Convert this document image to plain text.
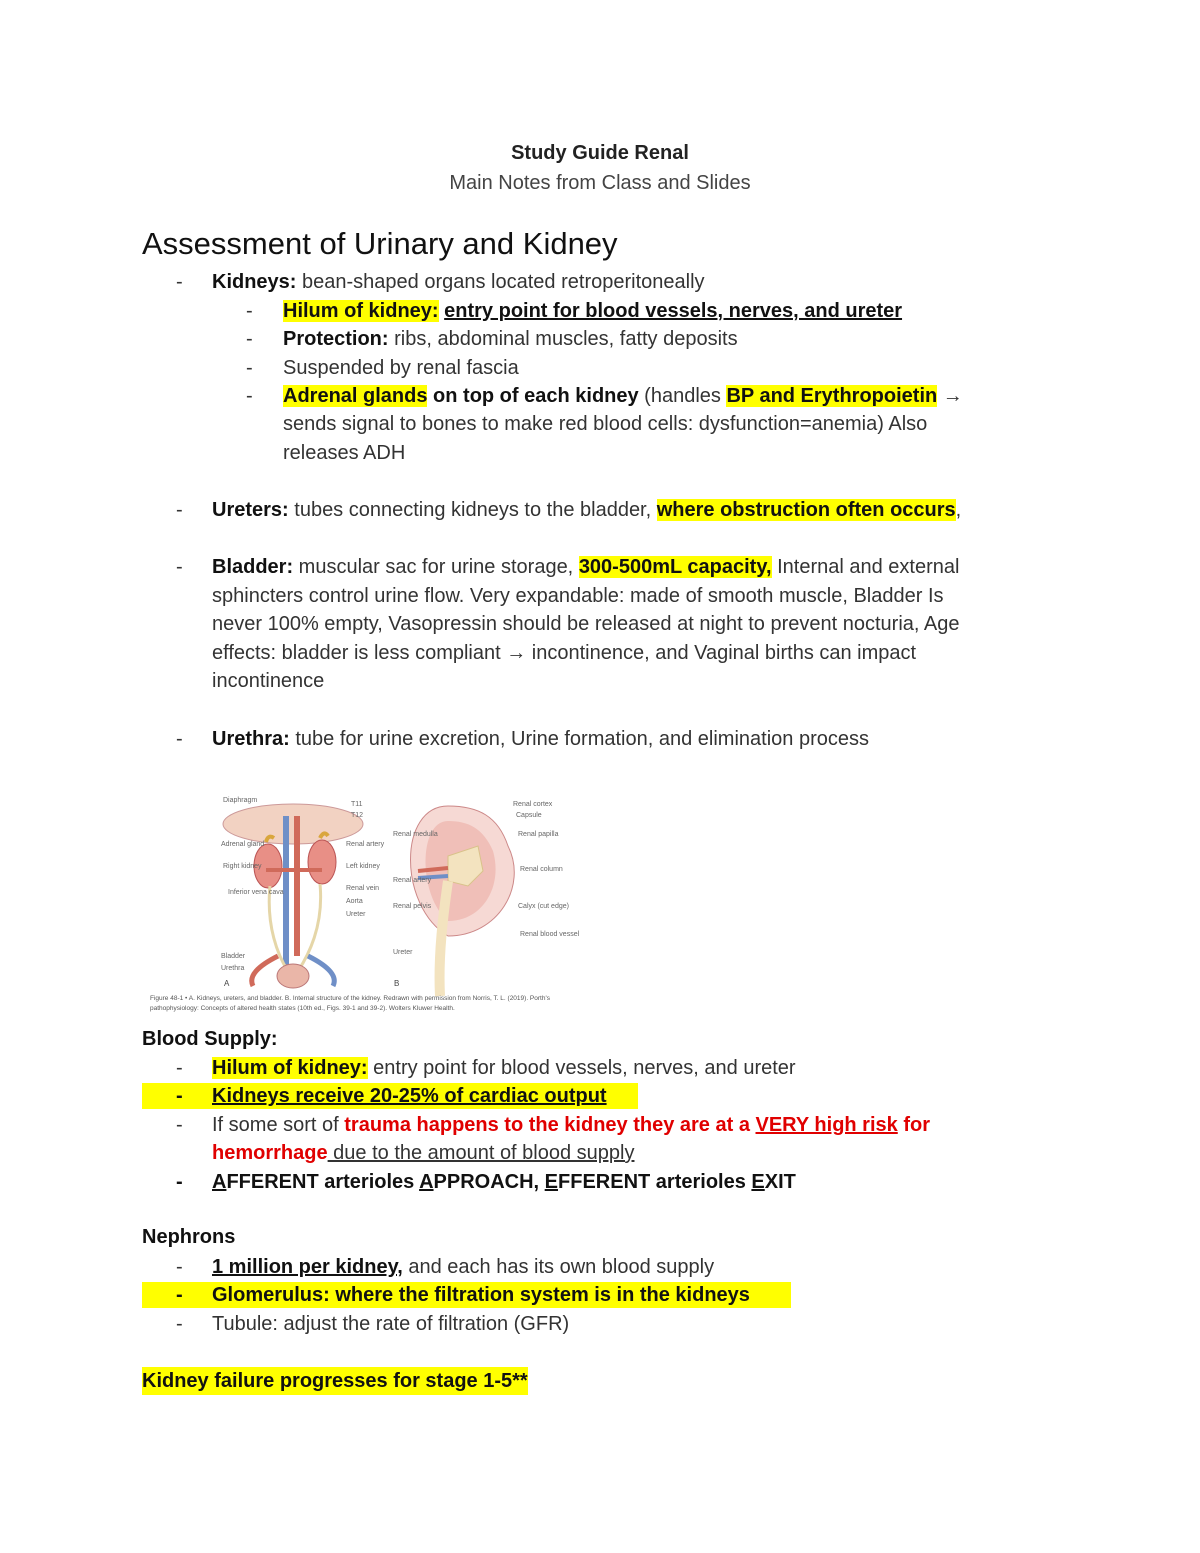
Study Guide Renal
Main Notes from Class and Slides
Assessment of Urinary and Kidney
- Kidneys: bean-shaped organs located retroperitoneally
- Hilum of kidney: entry point for blood vessels, nerves, and ureter
- Protection: ribs, abdominal muscles, fatty deposits
- Suspended by renal fascia
- Adrenal glands on top of each kidney (handles BP and Erythropoietin →
sends signal to bones to make red blood cells: dysfunction=anemia) Also
releases ADH
- Ureters: tubes connecting kidneys to the bladder, where obstruction often occurs,
- Bladder: muscular sac for urine storage, 300-500mL capacity, Internal and external
sphincters control urine flow. Very expandable: made of smooth muscle, Bladder Is
never 100% empty, Vasopressin should be released at night to prevent nocturia, Age
effects: bladder is less compliant → incontinence, and Vaginal births can impact
incontinence
- Urethra: tube for urine excretion, Urine formation, and elimination process
Diaphragm
Adrenal gland
Right kidney
Inferior vena cava
Bladder
Urethra
T11
T12
Renal artery
Left kidney
Renal vein
Aorta
Ureter
A
Renal cortex
Capsule
Renal medulla	Renal papilla
Renal column
Renal artery
Renal pelvis	Calyx (cut edge)
Renal blood vessel
Ureter
B
Figure 48-1 • A. Kidneys, ureters, and bladder. B. Internal structure of the kidney. Redrawn with permission from Norris, T. L. (2019). Porth's
pathophysiology: Concepts of altered health states (10th ed., Figs. 39-1 and 39-2). Wolters Kluwer Health.
Blood Supply:
- Hilum of kidney: entry point for blood vessels, nerves, and ureter
- Kidneys receive 20-25% of cardiac output
- If some sort of trauma happens to the kidney they are at a VERY high risk for
hemorrhage due to the amount of blood supply
- AFFERENT arterioles APPROACH, EFFERENT arterioles EXIT
Nephrons
- 1 million per kidney, and each has its own blood supply
- Glomerulus: where the filtration system is in the kidneys
- Tubule: adjust the rate of filtration (GFR)
Kidney failure progresses for stage 1-5**
